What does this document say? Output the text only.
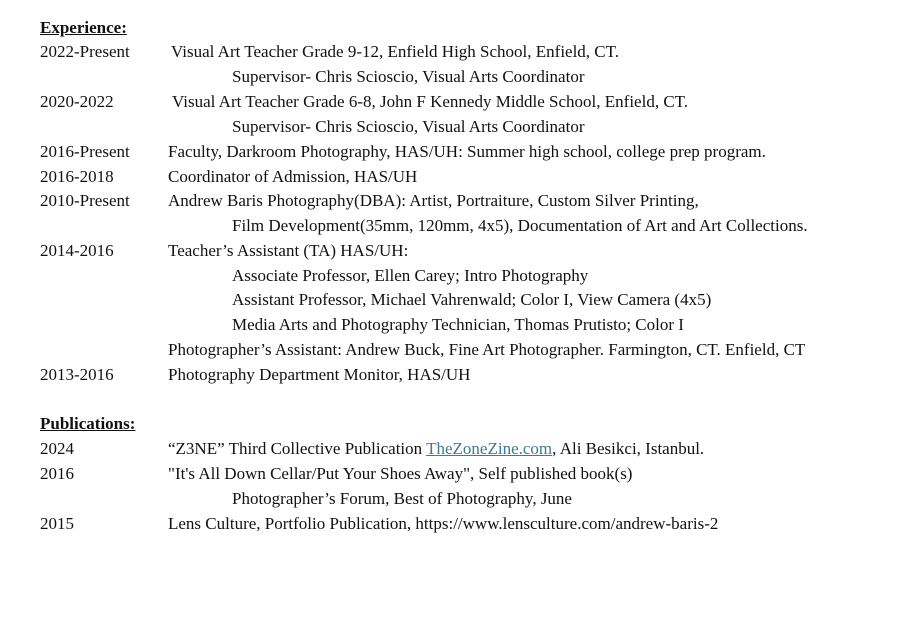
Experience:
2022-Present Visual Art Teacher Grade 9-12, Enfield High School, Enfield, CT.
Supervisor- Chris Scioscio, Visual Arts Coordinator
2020-2022	Visual Art Teacher Grade 6-8, John F Kennedy Middle School, Enfield, CT.
Supervisor- Chris Scioscio, Visual Arts Coordinator
2016-Present Faculty, Darkroom Photography, HAS/UH: Summer high school, college prep program.
2016-2018	Coordinator of Admission, HAS/UH
2010-Present Andrew Baris Photography(DBA): Artist, Portraiture, Custom Silver Printing,
Film Development(35mm, 120mm, 4x5), Documentation of Art and Art Collections.
2014-2016	Teacher’s Assistant (TA) HAS/UH:
Associate Professor, Ellen Carey; Intro Photography
Assistant Professor, Michael Vahrenwald; Color I, View Camera (4x5)
Media Arts and Photography Technician, Thomas Prutisto; Color I
Photographer’s Assistant: Andrew Buck, Fine Art Photographer. Farmington, CT. Enfield, CT
2013-2016	Photography Department Monitor, HAS/UH
Publications:
2024	“Z3NE” Third Collective Publication TheZoneZine.com, Ali Besikci, Istanbul.
2016	"It's All Down Cellar/Put Your Shoes Away", Self published book(s)
Photographer’s Forum, Best of Photography, June
2015	Lens Culture, Portfolio Publication, https://www.lensculture.com/andrew-baris-2
